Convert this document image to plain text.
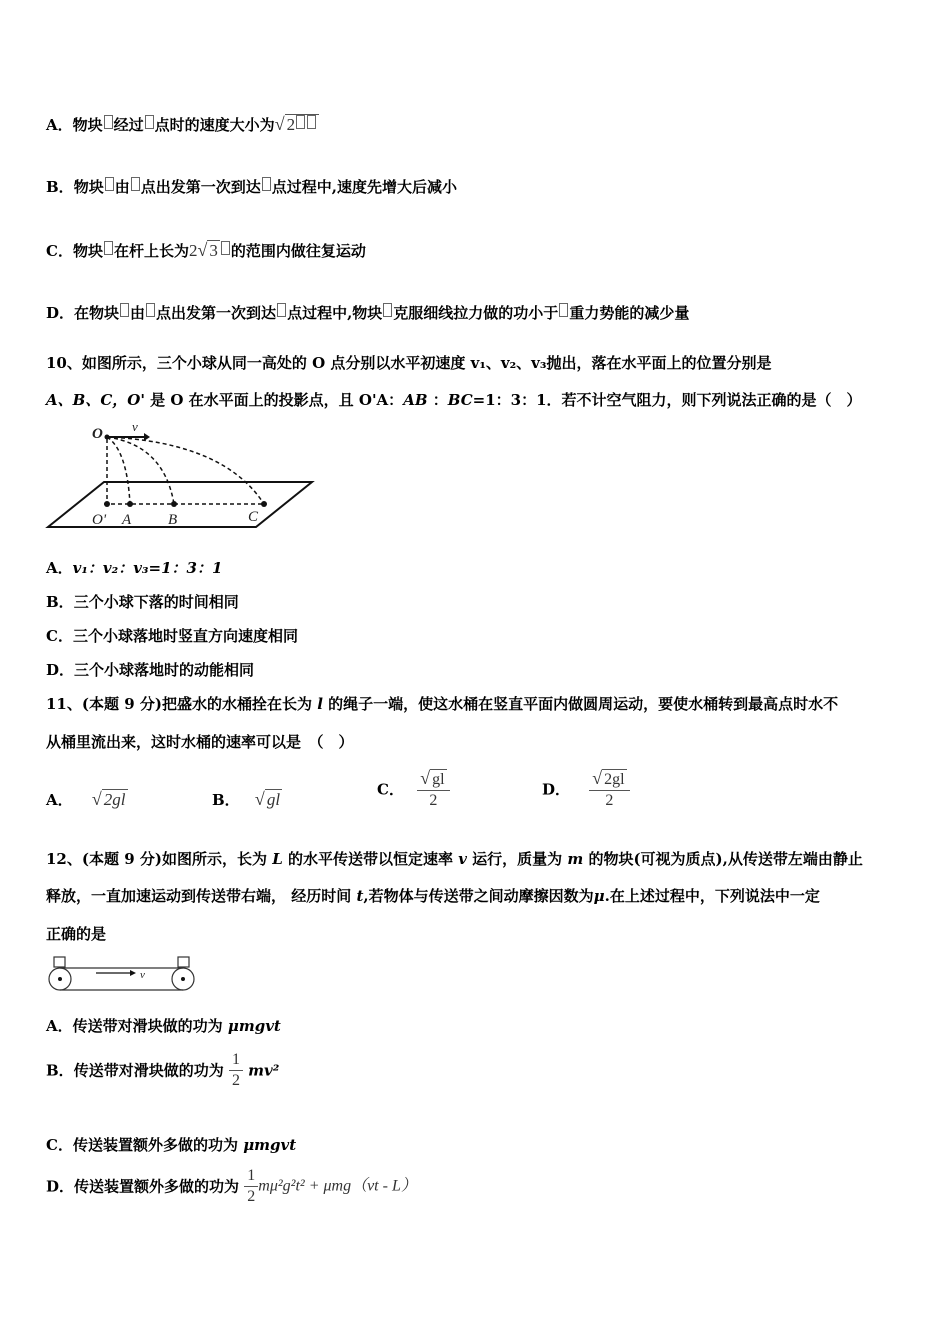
A．物块 经过 点时的速度大小为√ 2
B．物块 由 点出发第一次到达 点过程中,速度先增大后减小
C．物块 在杆上长为2√ 3 的范围内做往复运动
D．在物块 由 点出发第一次到达 点过程中,物块 克服细线拉力做的功小于 重力势能的减少量
10、如图所示，三个小球从同一高处的 O 点分别以水平初速度 v₁、v₂、v₃抛出，落在水平面上的位置分别是
A、B、C，O' 是 O 在水平面上的投影点，且 O'A：AB ：BC=1：3：1．若不计空气阻力，则下列说法正确的是（　）
O v
O' A B	C
A．v₁：v₂：v₃=1：3：1
B．三个小球下落的时间相同
C．三个小球落地时竖直方向速度相同
D．三个小球落地时的动能相同
11、(本题 9 分)把盛水的水桶拴在长为 l 的绳子一端，使这水桶在竖直平面内做圆周运动，要使水桶转到最高点时水不
从桶里流出来，这时水桶的速率可以是　（　）
A． √ 2gl	B． √ gl
C． $\frac{√ gl}{2}$	D． $\frac{√ 2gl}{2}$
12、(本题 9 分)如图所示，长为 L 的水平传送带以恒定速率 v 运行，质量为 m 的物块(可视为质点),从传送带左端由静止
释放，一直加速运动到传送带右端， 经历时间 t,若物体与传送带之间动摩擦因数为μ.在上述过程中，下列说法中一定
正确的是
v
A．传送带对滑块做的功为 μmgvt
B．传送带对滑块做的功为 $\frac{1}{2} mv^2$
C．传送装置额外多做的功为 μmgvt
D．传送装置额外多做的功为 $\frac{1}{2} m\mu^2g^2t^2 + \mu mg(vt - L)$
